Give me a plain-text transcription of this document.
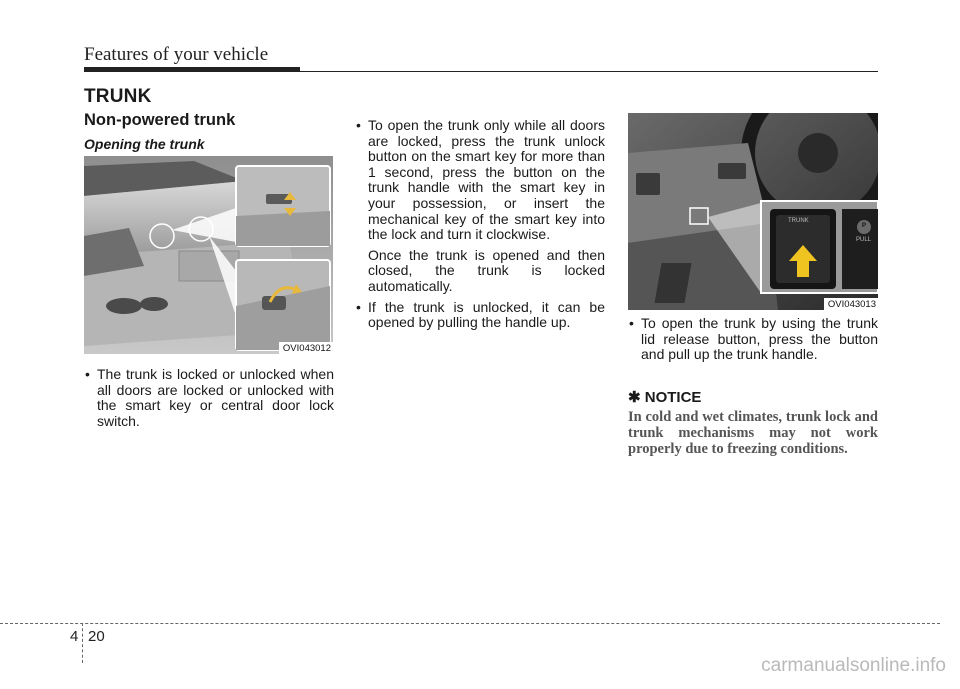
Features of your vehicle
TRUNK
Non-powered trunk
Opening the trunk
OVI043012
TRUNK
P
PULL
OVI043013

• The trunk is locked or unlocked when all doors are locked or unlocked with the smart key or central door lock switch.

• To open the trunk only while all doors are locked, press the trunk unlock button on the smart key for more than 1 second, press the button on the trunk handle with the smart key in your possession, or insert the mechanical key of the smart key into the lock and turn it clockwise.

Once the trunk is opened and then closed, the trunk is locked automatically.

• If the trunk is unlocked, it can be opened by pulling the handle up.

•	To open the trunk by using the trunk lid release button, press the button and pull up the trunk handle.

✱ NOTICE
In cold and wet climates, trunk lock and trunk mechanisms may not work properly due to freezing conditions.
4 20
carmanualsonline.info
